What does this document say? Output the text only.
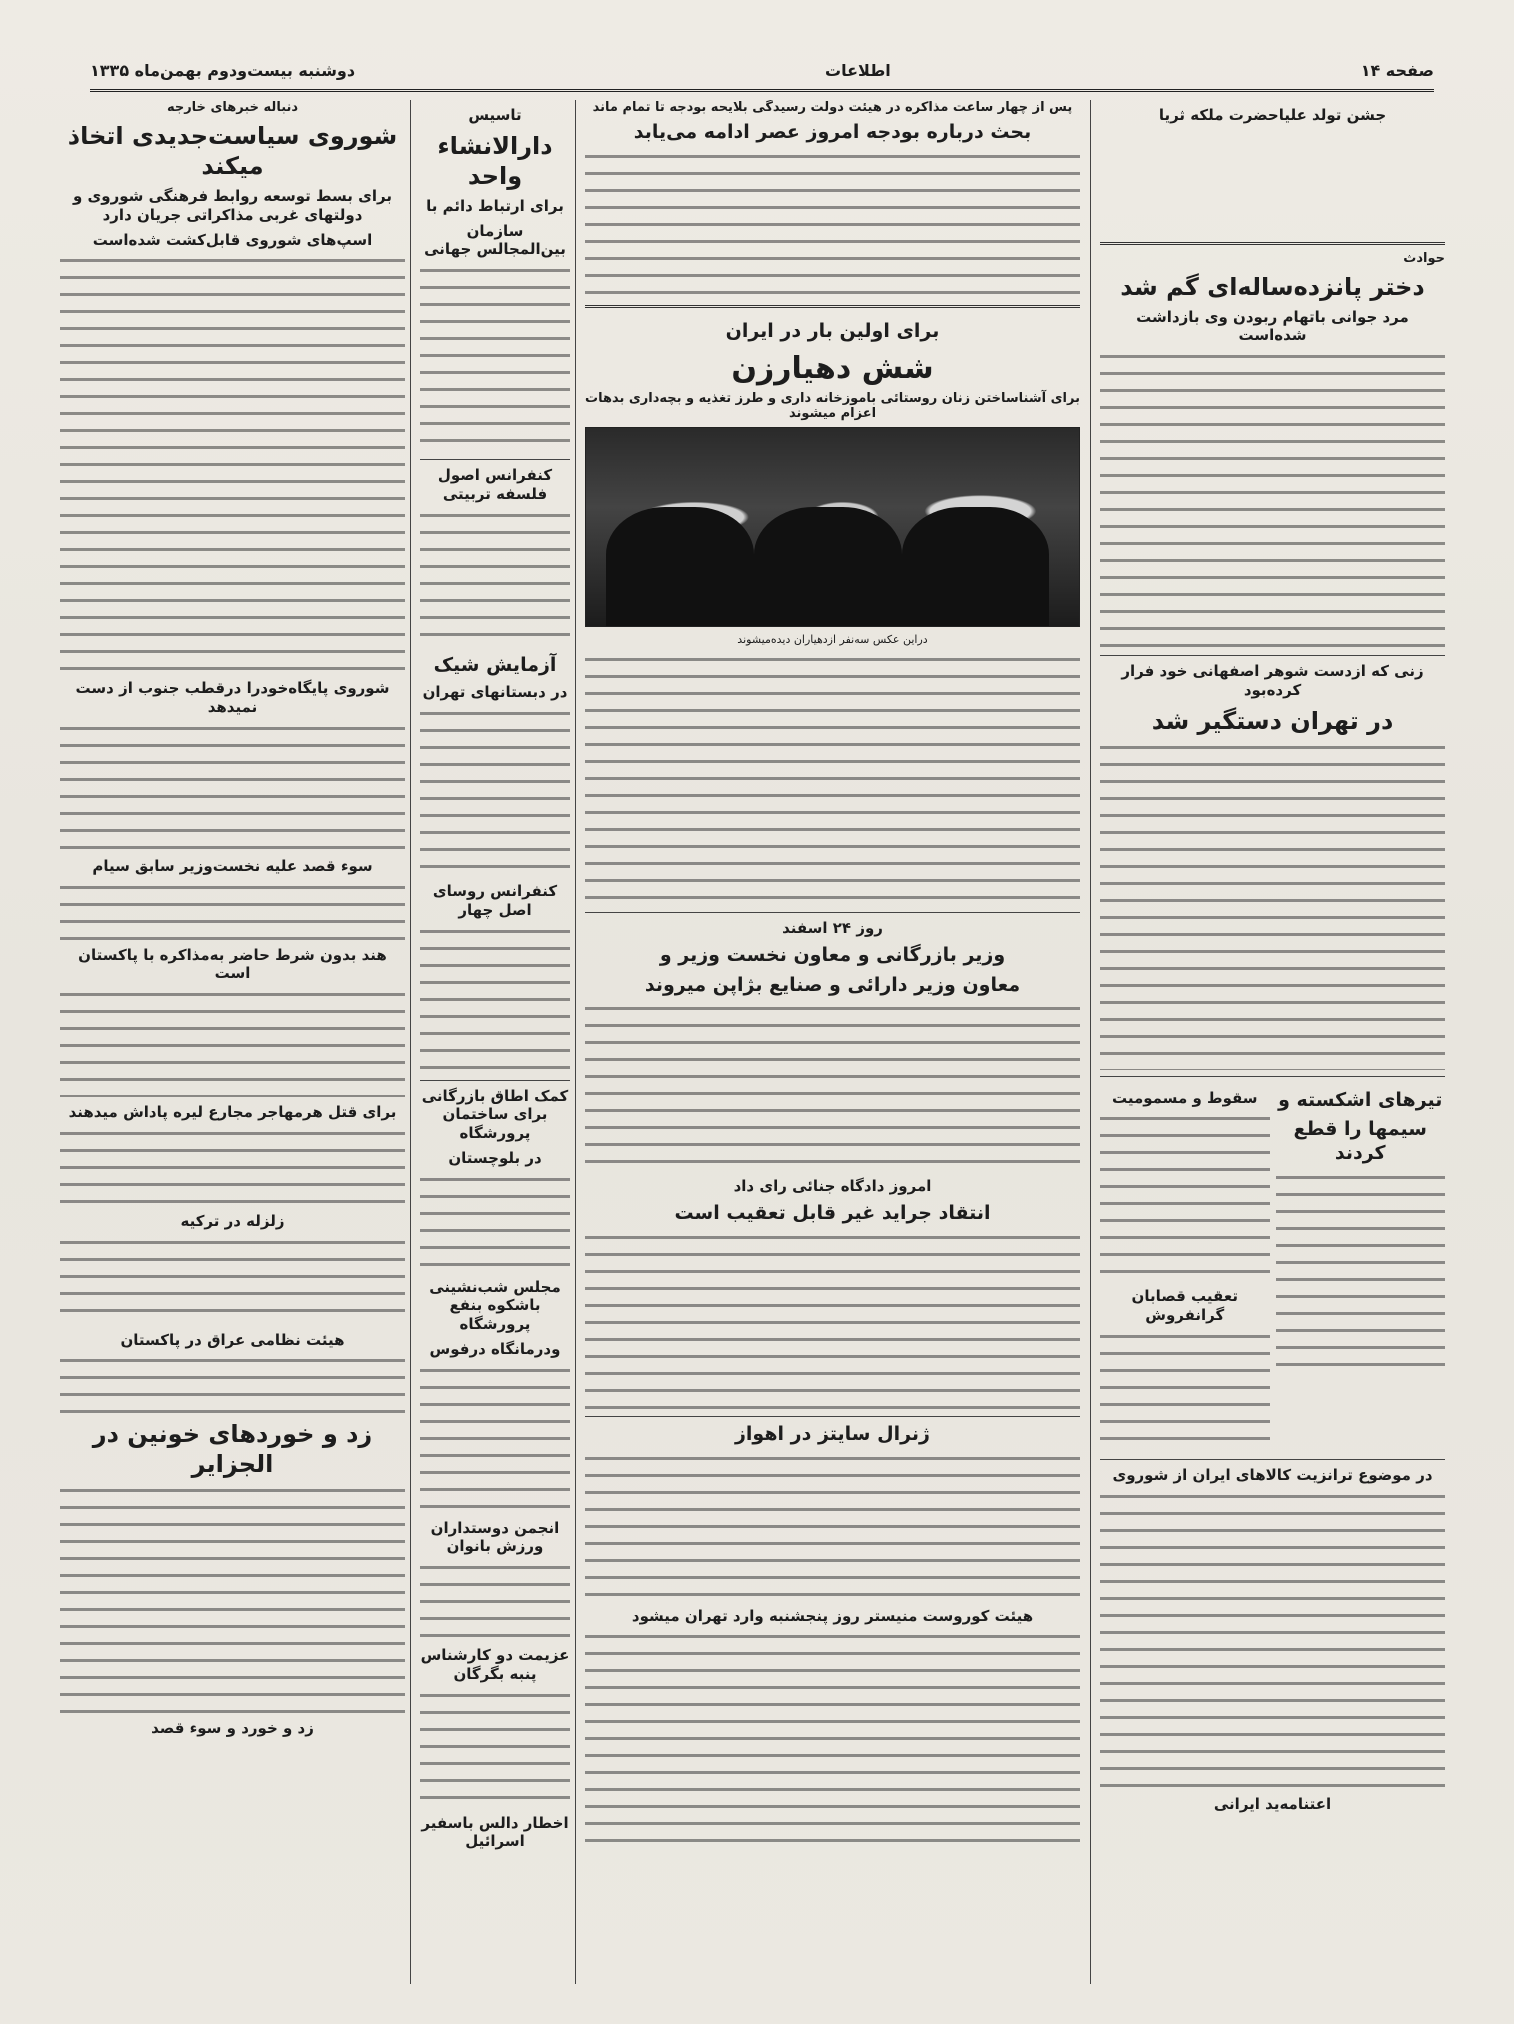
صفحه ۱۴
اطلاعات
دوشنبه بیست‌ودوم بهمن‌ماه ۱۳۳۵
جشن تولد علیاحضرت ملکه ثریا
حوادث
دختر پانزده‌ساله‌ای گم شد
مرد جوانی باتهام ربودن وی بازداشت شده‌است
زنی که ازدست شوهر اصفهانی خود فرار کرده‌بود
در تهران دستگیر شد
تیرهای اشکسته‌ و
سیمها را قطع کردند
سقوط و مسمومیت
تعقیب قصابان گرانفروش
در موضوع ترانزیت کالاهای ایران از شوروی
اعتنامه‌ید ایرانی
پس از چهار ساعت مذاکره در هیئت دولت رسیدگی بلایحه بودجه تا تمام ماند
بحث درباره بودجه امروز عصر ادامه می‌یابد
برای اولین بار در ایران
شش دهیارزن
برای آشناساختن زنان روستائی باموزخانه داری و طرز تغذیه و بچه‌داری بدهات اعزام میشوند
دراین عکس سه‌نفر ازدهیاران دیده‌میشوند
روز ۲۴ اسفند
وزیر بازرگانی و معاون نخست وزیر و
معاون وزیر دارائی و صنایع بژاپن میروند
امروز دادگاه جنائی رای داد
انتقاد جراید غیر قابل تعقیب است
ژنرال سایتز در اهواز
هیئت کوروست منیستر روز پنجشنبه وارد تهران میشود
تاسیس
دارالانشاء واحد
برای ارتباط دائم با
سازمان بین‌المجالس جهانی
کنفرانس اصول فلسفه تربیتی
آزمایش شیک
در دبستانهای تهران
کنفرانس روسای اصل چهار
کمک اطاق بازرگانی برای ساختمان پرورشگاه
در بلوچستان
مجلس شب‌نشینی باشکوه بنفع پرورشگاه
ودرمانگاه درفوس
انجمن دوستداران ورزش بانوان
عزیمت دو کارشناس پنبه بگرگان
اخطار دالس باسفیر اسرائیل
دنباله خبرهای خارجه
شوروی سیاست‌جدیدی اتخاذ میکند
برای بسط توسعه روابط فرهنگی شوروی و دولتهای غربی مذاکراتی جریان دارد
اسپ‌های شوروی قابل‌کشت شده‌است
شوروی پایگاه‌خودرا درقطب جنوب از دست نمیدهد
سوء قصد علیه نخست‌وزیر سابق سیام
هند بدون شرط حاضر به‌مذاکره با پاکستان است
برای قتل هرمهاجر مجارع لیره پاداش میدهند
زلزله در ترکیه
هیئت نظامی عراق در پاکستان
زد و خوردهای خونین در الجزایر
زد و خورد و سوء قصد
